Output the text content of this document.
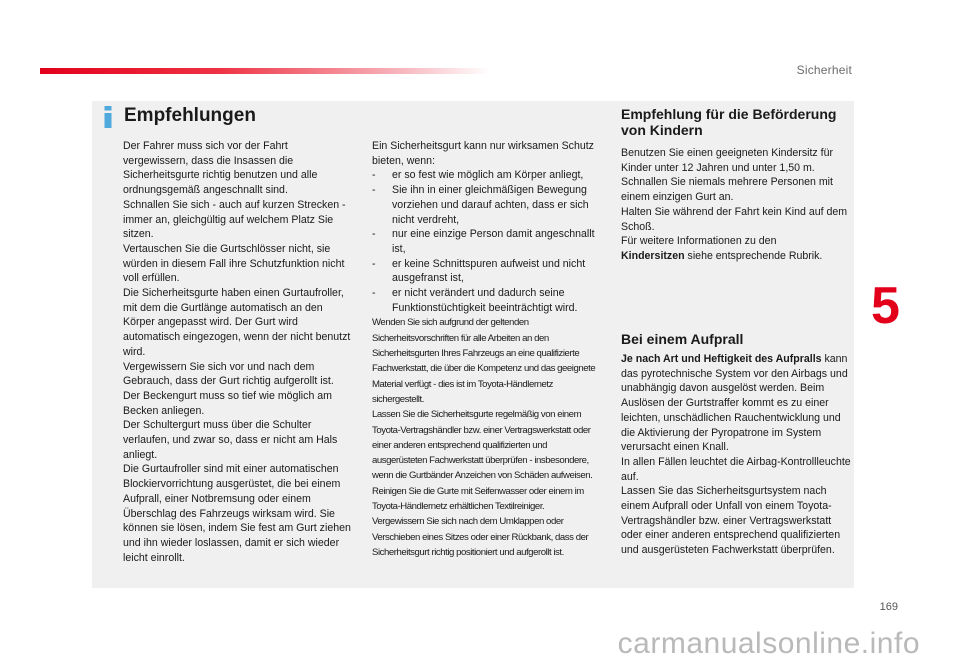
Sicherheit
Empfehlungen

Der Fahrer muss sich vor der Fahrt vergewissern, dass die Insassen die Sicherheitsgurte richtig benutzen und alle ordnungsgemäß angeschnallt sind.

Schnallen Sie sich - auch auf kurzen Strecken - immer an, gleichgültig auf welchem Platz Sie sitzen.

Vertauschen Sie die Gurtschlösser nicht, sie würden in diesem Fall ihre Schutzfunktion nicht voll erfüllen.

Die Sicherheitsgurte haben einen Gurtaufroller, mit dem die Gurtlänge automatisch an den Körper angepasst wird. Der Gurt wird automatisch eingezogen, wenn der nicht benutzt wird.

Vergewissern Sie sich vor und nach dem Gebrauch, dass der Gurt richtig aufgerollt ist.

Der Beckengurt muss so tief wie möglich am Becken anliegen.

Der Schultergurt muss über die Schulter verlaufen, und zwar so, dass er nicht am Hals anliegt.

Die Gurtaufroller sind mit einer automatischen Blockiervorrichtung ausgerüstet, die bei einem Aufprall, einer Notbremsung oder einem Überschlag des Fahrzeugs wirksam wird. Sie können sie lösen, indem Sie fest am Gurt ziehen und ihn wieder loslassen, damit er sich wieder leicht einrollt.

Ein Sicherheitsgurt kann nur wirksamen Schutz bieten, wenn:

- er so fest wie möglich am Körper anliegt,

- Sie ihn in einer gleichmäßigen Bewegung vorziehen und darauf achten, dass er sich nicht verdreht,

- nur eine einzige Person damit angeschnallt ist,

- er keine Schnittspuren aufweist und nicht ausgefranst ist,

- er nicht verändert und dadurch seine Funktionstüchtigkeit beeinträchtigt wird.

Wenden Sie sich aufgrund der geltenden Sicherheitsvorschriften für alle Arbeiten an den Sicherheitsgurten Ihres Fahrzeugs an eine qualifizierte Fachwerkstatt, die über die Kompetenz und das geeignete Material verfügt - dies ist im Toyota-Händlernetz sichergestellt.

Lassen Sie die Sicherheitsgurte regelmäßig von einem Toyota-Vertragshändler bzw. einer Vertragswerkstatt oder einer anderen entsprechend qualifizierten und ausgerüsteten Fachwerkstatt überprüfen - insbesondere, wenn die Gurtbänder Anzeichen von Schäden aufweisen.

Reinigen Sie die Gurte mit Seifenwasser oder einem im Toyota-Händlernetz erhältlichen Textilreiniger.

Vergewissern Sie sich nach dem Umklappen oder Verschieben eines Sitzes oder einer Rückbank, dass der Sicherheitsgurt richtig positioniert und aufgerollt ist.

Empfehlung für die Beförderung von Kindern

Benutzen Sie einen geeigneten Kindersitz für Kinder unter 12 Jahren und unter 1,50 m.

Schnallen Sie niemals mehrere Personen mit einem einzigen Gurt an.

Halten Sie während der Fahrt kein Kind auf dem Schoß.

Für weitere Informationen zu den
Kindersitzen siehe entsprechende Rubrik.

Bei einem Aufprall

Je nach Art und Heftigkeit des Aufpralls kann das pyrotechnische System vor den Airbags und unabhängig davon ausgelöst werden. Beim Auslösen der Gurtstraffer kommt es zu einer leichten, unschädlichen Rauchentwicklung und die Aktivierung der Pyropatrone im System verursacht einen Knall.

In allen Fällen leuchtet die Airbag-Kontrollleuchte auf.

Lassen Sie das Sicherheitsgurtsystem nach einem Aufprall oder Unfall von einem Toyota-Vertragshändler bzw. einer Vertragswerkstatt oder einer anderen entsprechend qualifizierten und ausgerüsteten Fachwerkstatt überprüfen.

5
169
carmanualsonline.info
